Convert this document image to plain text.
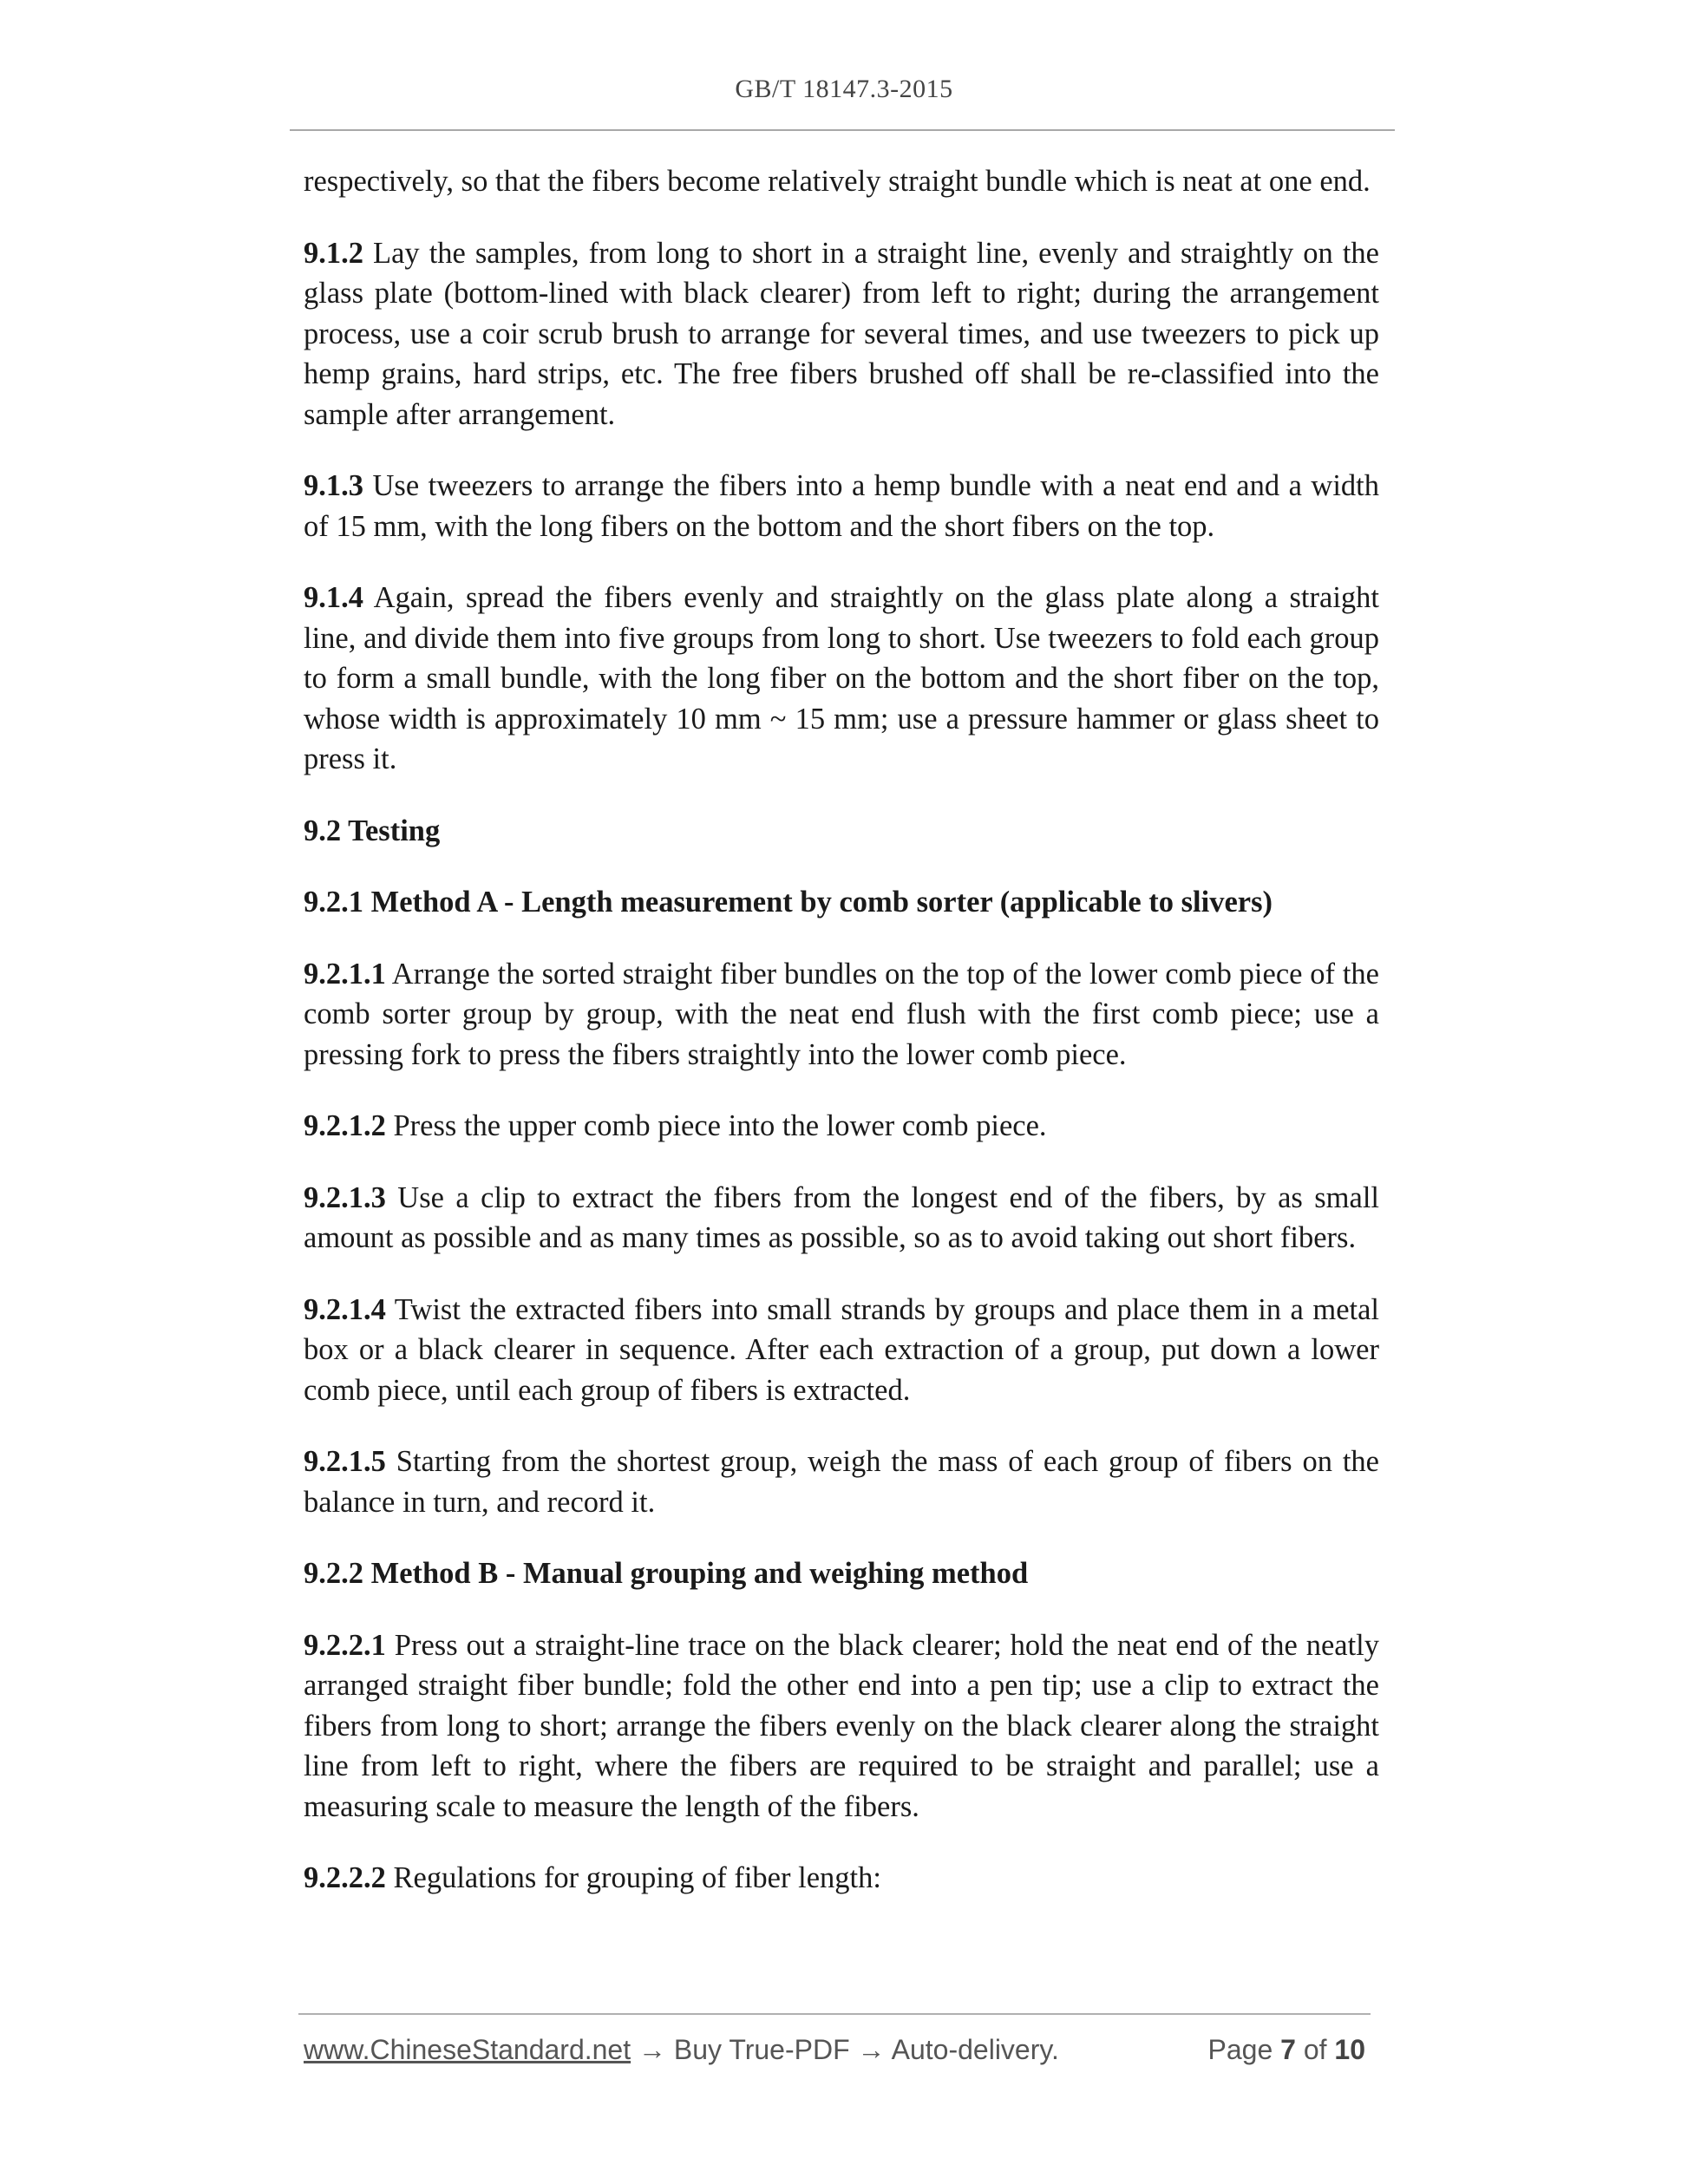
GB/T 18147.3-2015

respectively, so that the fibers become relatively straight bundle which is neat at one end.

9.1.2 Lay the samples, from long to short in a straight line, evenly and straightly on the glass plate (bottom-lined with black clearer) from left to right; during the arrangement process, use a coir scrub brush to arrange for several times, and use tweezers to pick up hemp grains, hard strips, etc. The free fibers brushed off shall be re-classified into the sample after arrangement.

9.1.3 Use tweezers to arrange the fibers into a hemp bundle with a neat end and a width of 15 mm, with the long fibers on the bottom and the short fibers on the top.

9.1.4 Again, spread the fibers evenly and straightly on the glass plate along a straight line, and divide them into five groups from long to short. Use tweezers to fold each group to form a small bundle, with the long fiber on the bottom and the short fiber on the top, whose width is approximately 10 mm ~ 15 mm; use a pressure hammer or glass sheet to press it.

9.2 Testing

9.2.1 Method A - Length measurement by comb sorter (applicable to slivers)

9.2.1.1 Arrange the sorted straight fiber bundles on the top of the lower comb piece of the comb sorter group by group, with the neat end flush with the first comb piece; use a pressing fork to press the fibers straightly into the lower comb piece.

9.2.1.2 Press the upper comb piece into the lower comb piece.

9.2.1.3 Use a clip to extract the fibers from the longest end of the fibers, by as small amount as possible and as many times as possible, so as to avoid taking out short fibers.

9.2.1.4 Twist the extracted fibers into small strands by groups and place them in a metal box or a black clearer in sequence. After each extraction of a group, put down a lower comb piece, until each group of fibers is extracted.

9.2.1.5 Starting from the shortest group, weigh the mass of each group of fibers on the balance in turn, and record it.

9.2.2 Method B - Manual grouping and weighing method

9.2.2.1 Press out a straight-line trace on the black clearer; hold the neat end of the neatly arranged straight fiber bundle; fold the other end into a pen tip; use a clip to extract the fibers from long to short; arrange the fibers evenly on the black clearer along the straight line from left to right, where the fibers are required to be straight and parallel; use a measuring scale to measure the length of the fibers.

9.2.2.2 Regulations for grouping of fiber length:

www.ChineseStandard.net → Buy True-PDF → Auto-delivery.	Page 7 of 10
